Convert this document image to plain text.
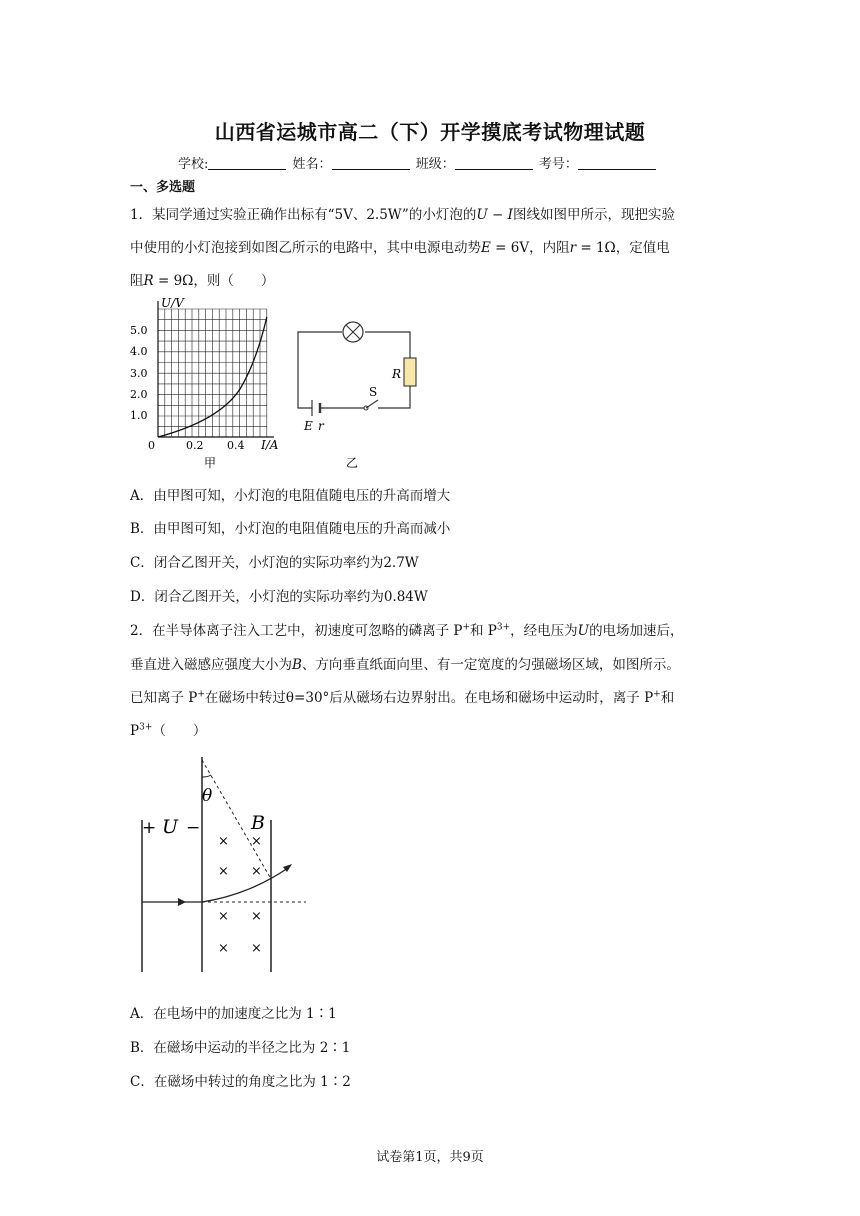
山西省运城市高二（下）开学摸底考试物理试题
学校:	姓名：	班级：	考号：
一、多选题
1．某同学通过实验正确作出标有“5V、2.5W”的小灯泡的U − I图线如图甲所示，现把实验
中使用的小灯泡接到如图乙所示的电路中，其中电源电动势E = 6V，内阻r = 1Ω，定值电
阻R = 9Ω，则（　　）
U/V
5.0
4.0
3.0
2.0
1.0
0	0.2 0.4 I/A
甲
E r
R
S
乙
A．由甲图可知，小灯泡的电阻值随电压的升高而增大
B．由甲图可知，小灯泡的电阻值随电压的升高而减小
C．闭合乙图开关，小灯泡的实际功率约为2.7W
D．闭合乙图开关，小灯泡的实际功率约为0.84W
2．在半导体离子注入工艺中，初速度可忽略的磷离子 P+和 $P^{3+}$，经电压为U的电场加速后，
垂直进入磁感应强度大小为B、方向垂直纸面向里、有一定宽度的匀强磁场区域，如图所示。
已知离子 P+在磁场中转过θ=30°后从磁场右边界射出。在电场和磁场中运动时，离子 P+和
$P^{3+}$（　　）
θ
+ U −	B
× ×
× ×
× ×
× ×
A．在电场中的加速度之比为 1∶1
B．在磁场中运动的半径之比为 2∶1
C．在磁场中转过的角度之比为 1∶2
试卷第1页，共9页
